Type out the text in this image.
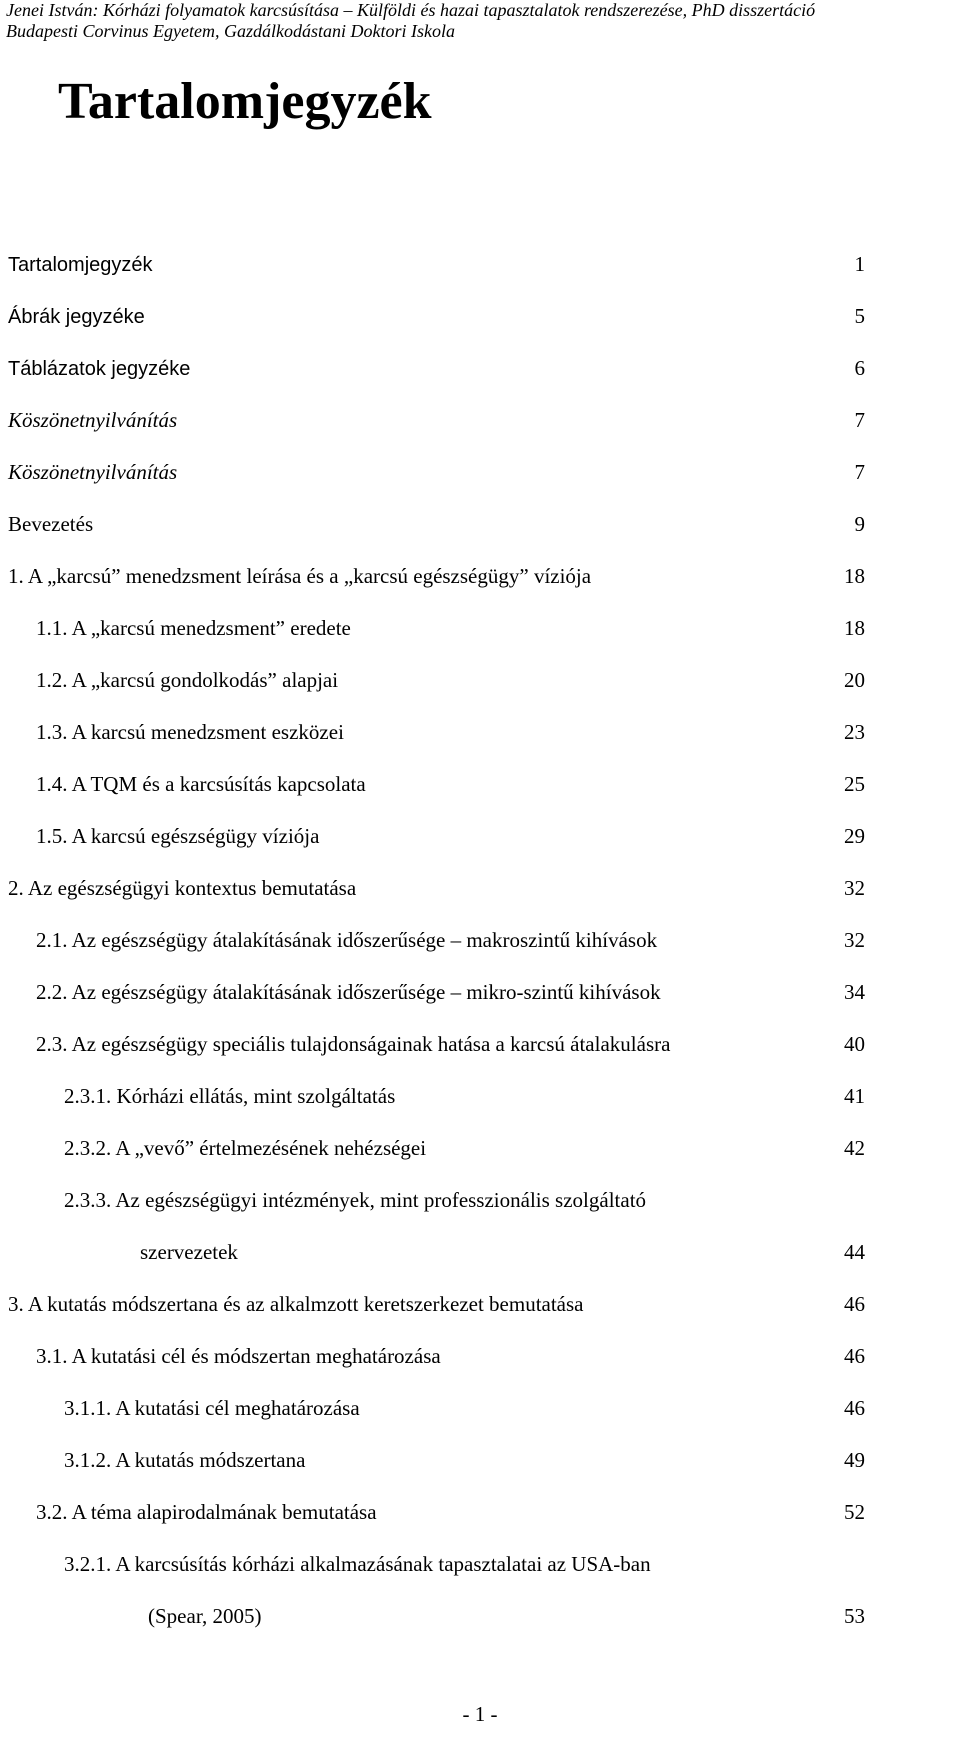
Jenei István: Kórházi folyamatok karcsúsítása – Külföldi és hazai tapasztalatok rendszerezése, PhD disszertáció
Budapesti Corvinus Egyetem, Gazdálkodástani Doktori Iskola
Tartalomjegyzék
Tartalomjegyzék	1
Ábrák jegyzéke	5
Táblázatok jegyzéke	6
Köszönetnyilvánítás	7
Köszönetnyilvánítás	7
Bevezetés	9
1. A „karcsú” menedzsment leírása és a „karcsú egészségügy” víziója	18
1.1. A „karcsú menedzsment” eredete	18
1.2. A „karcsú gondolkodás” alapjai	20
1.3. A karcsú menedzsment eszközei	23
1.4. A TQM és a karcsúsítás kapcsolata	25
1.5. A karcsú egészségügy víziója	29
2. Az egészségügyi kontextus bemutatása	32
2.1. Az egészségügy átalakításának időszerűsége – makroszintű kihívások	32
2.2. Az egészségügy átalakításának időszerűsége – mikro-szintű kihívások	34
2.3. Az egészségügy speciális tulajdonságainak hatása a karcsú átalakulásra	40
2.3.1. Kórházi ellátás, mint szolgáltatás	41
2.3.2. A „vevő” értelmezésének nehézségei	42
2.3.3. Az egészségügyi intézmények, mint professzionális szolgáltató
szervezetek	44
3. A kutatás módszertana és az alkalmzott keretszerkezet bemutatása	46
3.1. A kutatási cél és módszertan meghatározása	46
3.1.1. A kutatási cél meghatározása	46
3.1.2. A kutatás módszertana	49
3.2. A téma alapirodalmának bemutatása	52
3.2.1. A karcsúsítás kórházi alkalmazásának tapasztalatai az USA-ban
(Spear, 2005)	53
- 1 -
